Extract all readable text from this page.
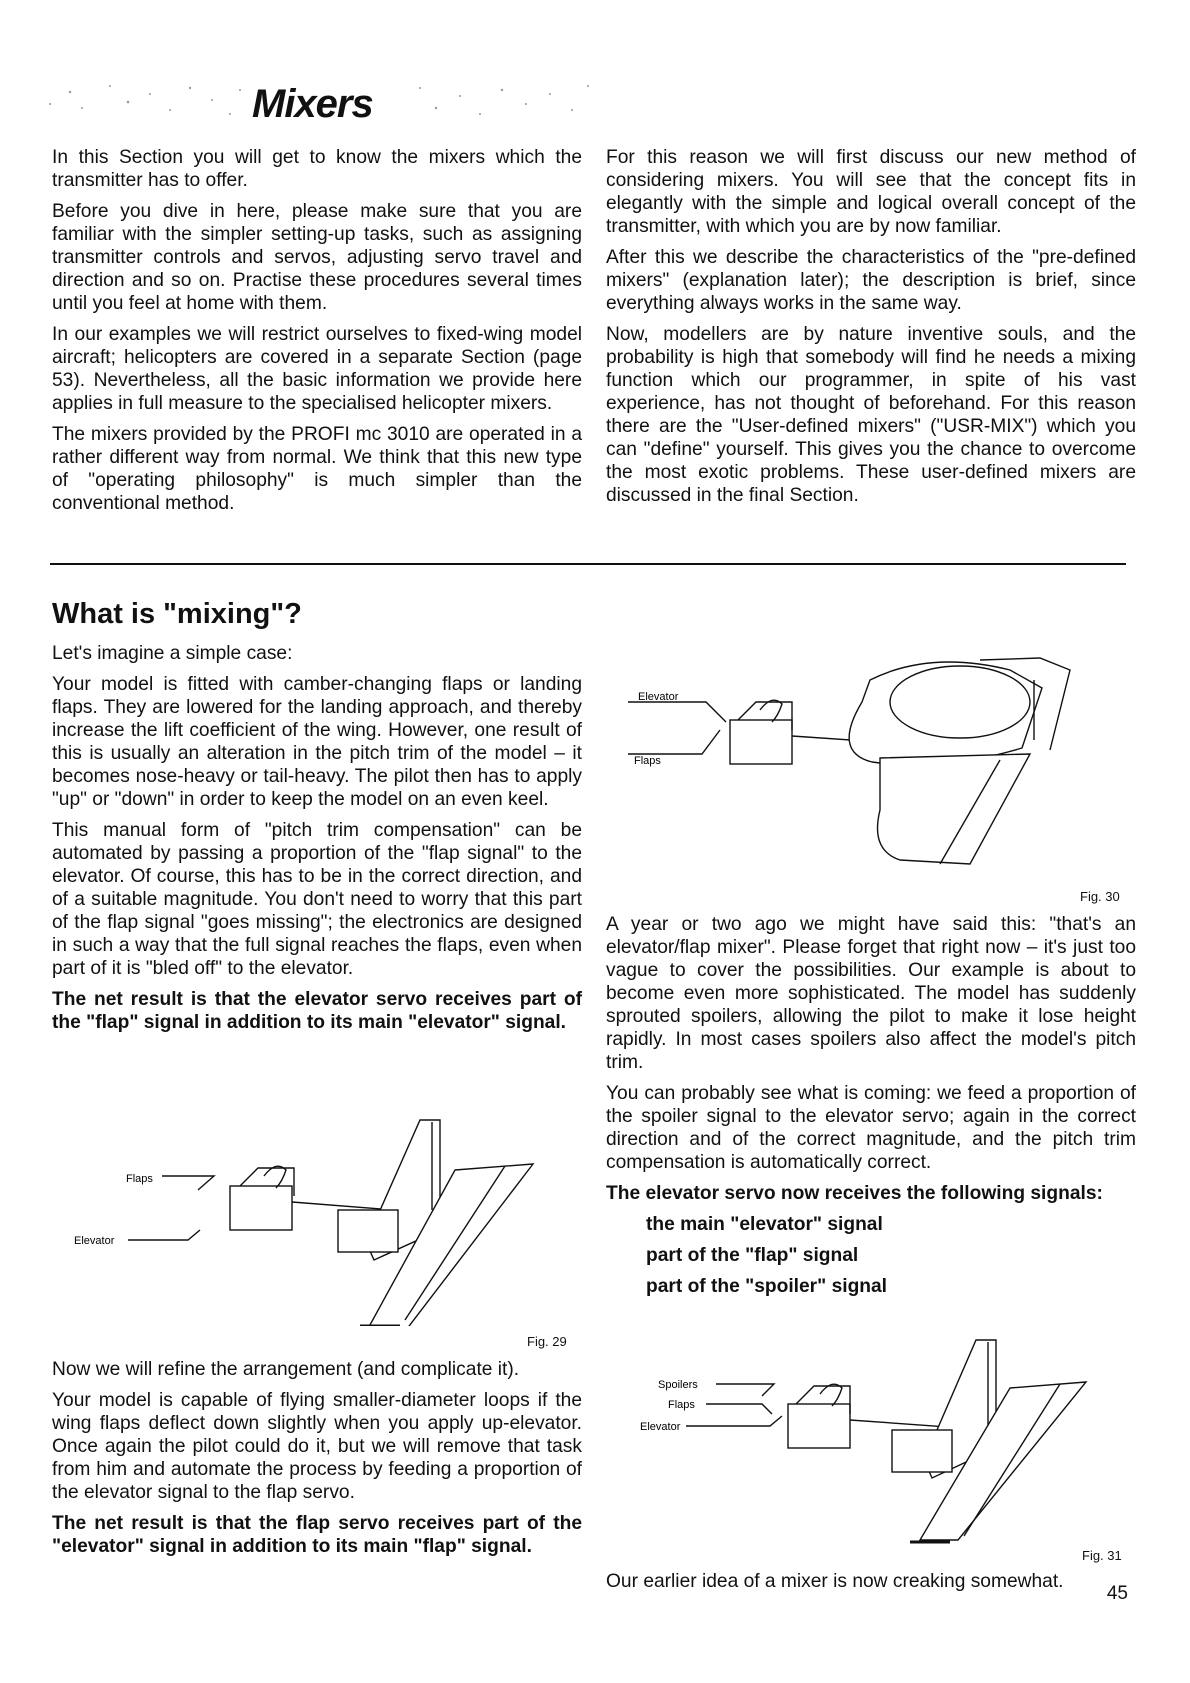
Mixers

In this Section you will get to know the mixers which the transmitter has to offer.

Before you dive in here, please make sure that you are familiar with the simpler setting-up tasks, such as assigning transmitter controls and servos, adjusting servo travel and direction and so on. Practise these procedures several times until you feel at home with them.

In our examples we will restrict ourselves to fixed-wing model aircraft; helicopters are covered in a separate Section (page 53). Nevertheless, all the basic information we provide here applies in full measure to the specialised helicopter mixers.

The mixers provided by the PROFI mc 3010 are operated in a rather different way from normal. We think that this new type of "operating philosophy" is much simpler than the conventional method.

For this reason we will first discuss our new method of considering mixers. You will see that the concept fits in elegantly with the simple and logical overall concept of the transmitter, with which you are by now familiar.

After this we describe the characteristics of the "pre-defined mixers" (explanation later); the description is brief, since everything always works in the same way.

Now, modellers are by nature inventive souls, and the probability is high that somebody will find he needs a mixing function which our programmer, in spite of his vast experience, has not thought of beforehand. For this reason there are the "User-defined mixers" ("USR-MIX") which you can "define" yourself. This gives you the chance to overcome the most exotic problems. These user-defined mixers are discussed in the final Section.

What is "mixing"?

Let's imagine a simple case:

Your model is fitted with camber-changing flaps or landing flaps. They are lowered for the landing approach, and thereby increase the lift coefficient of the wing. However, one result of this is usually an alteration in the pitch trim of the model – it becomes nose-heavy or tail-heavy. The pilot then has to apply "up" or "down" in order to keep the model on an even keel.

This manual form of "pitch trim compensation" can be automated by passing a proportion of the "flap signal" to the elevator. Of course, this has to be in the correct direction, and of a suitable magnitude. You don't need to worry that this part of the flap signal "goes missing"; the electronics are designed in such a way that the full signal reaches the flaps, even when part of it is "bled off" to the elevator.

The net result is that the elevator servo receives part of the "flap" signal in addition to its main "elevator" signal.

Flaps
Elevator
Fig. 29

Now we will refine the arrangement (and complicate it).

Your model is capable of flying smaller-diameter loops if the wing flaps deflect down slightly when you apply up-elevator. Once again the pilot could do it, but we will remove that task from him and automate the process by feeding a proportion of the elevator signal to the flap servo.

The net result is that the flap servo receives part of the "elevator" signal in addition to its main "flap" signal.

Elevator
Flaps
Fig. 30

A year or two ago we might have said this: "that's an elevator/flap mixer". Please forget that right now – it's just too vague to cover the possibilities. Our example is about to become even more sophisticated. The model has suddenly sprouted spoilers, allowing the pilot to make it lose height rapidly. In most cases spoilers also affect the model's pitch trim.

You can probably see what is coming: we feed a proportion of the spoiler signal to the elevator servo; again in the correct direction and of the correct magnitude, and the pitch trim compensation is automatically correct.

The elevator servo now receives the following signals:

the main "elevator" signal

part of the "flap" signal

part of the "spoiler" signal

Spoilers
Flaps
Elevator
Fig. 31

Our earlier idea of a mixer is now creaking somewhat.

45
